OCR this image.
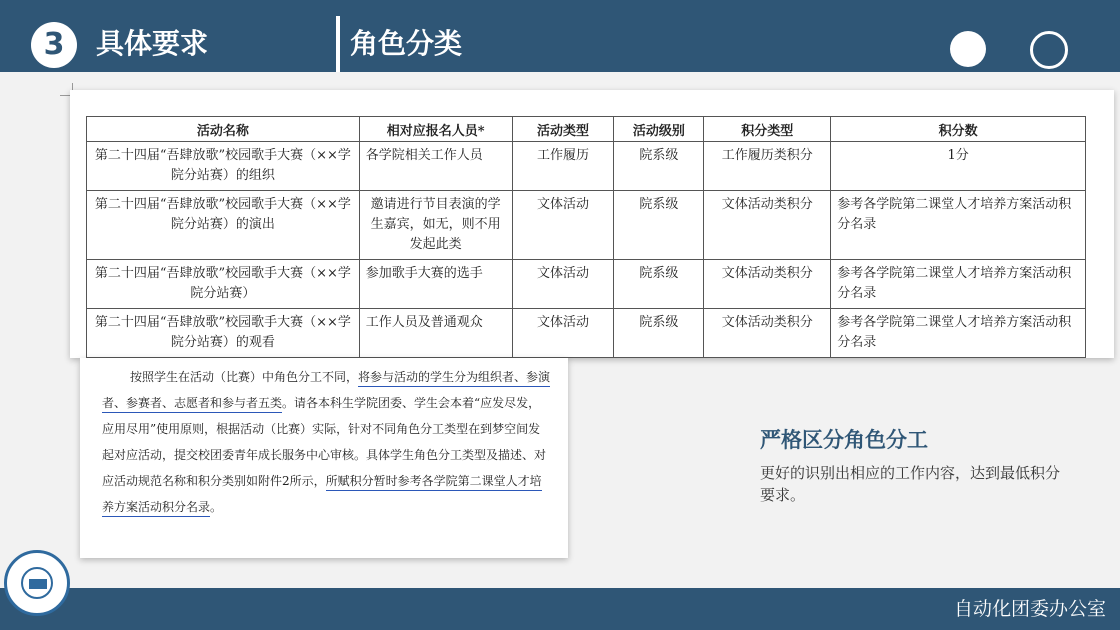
3	具体要求	角色分类
活动名称	相对应报名人员*	活动类型	活动级别	积分类型	积分数
第二十四届“吾肆放歌”校园歌手大赛（××学院分站赛）的组织	各学院相关工作人员	工作履历	院系级	工作履历类积分	1分
第二十四届“吾肆放歌”校园歌手大赛（××学院分站赛）的演出	邀请进行节目表演的学生嘉宾，如无，则不用发起此类	文体活动	院系级	文体活动类积分	参考各学院第二课堂人才培养方案活动积分名录
第二十四届“吾肆放歌”校园歌手大赛（××学院分站赛）	参加歌手大赛的选手	文体活动	院系级	文体活动类积分	参考各学院第二课堂人才培养方案活动积分名录
第二十四届“吾肆放歌”校园歌手大赛（××学院分站赛）的观看	工作人员及普通观众	文体活动	院系级	文体活动类积分	参考各学院第二课堂人才培养方案活动积分名录

按照学生在活动（比赛）中角色分工不同，将参与活动的学生分为组织者、参演者、参赛者、志愿者和参与者五类。请各本科生学院团委、学生会本着“应发尽发，应用尽用”使用原则，根据活动（比赛）实际，针对不同角色分工类型在到梦空间发起对应活动，提交校团委青年成长服务中心审核。具体学生角色分工类型及描述、对应活动规范名称和积分类别如附件2所示，所赋积分暂时参考各学院第二课堂人才培养方案活动积分名录。

严格区分角色分工
更好的识别出相应的工作内容，达到最低积分要求。
自动化团委办公室
